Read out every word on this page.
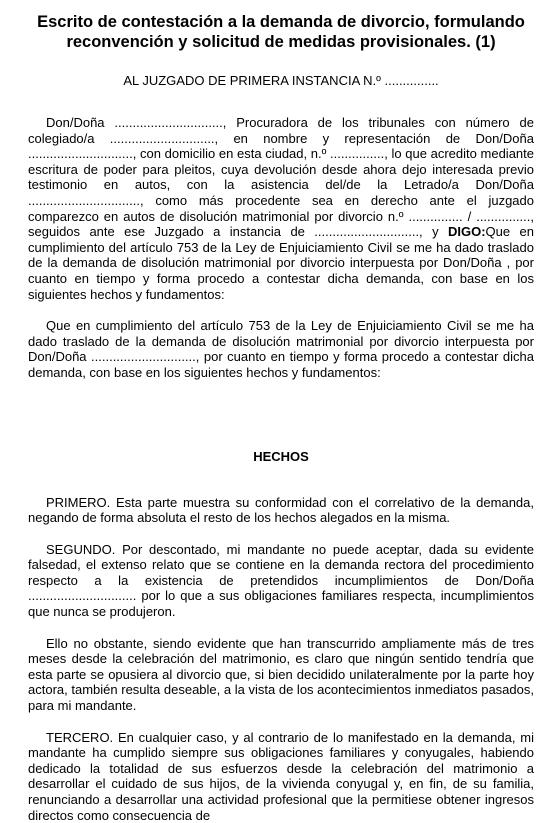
Escrito de contestación a la demanda de divorcio, formulando reconvención y solicitud de medidas provisionales. (1)

AL JUZGADO DE PRIMERA INSTANCIA N.º ...............

Don/Doña .............................., Procuradora de los tribunales con número de colegiado/a ............................., en nombre y representación de Don/Doña ............................., con domicilio en esta ciudad, n.º ..............., lo que acredito mediante escritura de poder para pleitos, cuya devolución desde ahora dejo interesada previo testimonio en autos, con la asistencia del/de la Letrado/a Don/Doña ..............................., como más procedente sea en derecho ante el juzgado comparezco en autos de disolución matrimonial por divorcio n.º ............... / ..............., seguidos ante ese Juzgado a instancia de ............................., y DIGO:Que en cumplimiento del artículo 753 de la Ley de Enjuiciamiento Civil se me ha dado traslado de la demanda de disolución matrimonial por divorcio interpuesta por Don/Doña , por cuanto en tiempo y forma procedo a contestar dicha demanda, con base en los siguientes hechos y fundamentos:

Que en cumplimiento del artículo 753 de la Ley de Enjuiciamiento Civil se me ha dado traslado de la demanda de disolución matrimonial por divorcio interpuesta por Don/Doña ............................., por cuanto en tiempo y forma procedo a contestar dicha demanda, con base en los siguientes hechos y fundamentos:

HECHOS

PRIMERO. Esta parte muestra su conformidad con el correlativo de la demanda, negando de forma absoluta el resto de los hechos alegados en la misma.

SEGUNDO. Por descontado, mi mandante no puede aceptar, dada su evidente falsedad, el extenso relato que se contiene en la demanda rectora del procedimiento respecto a la existencia de pretendidos incumplimientos de Don/Doña .............................. por lo que a sus obligaciones familiares respecta, incumplimientos que nunca se produjeron.

Ello no obstante, siendo evidente que han transcurrido ampliamente más de tres meses desde la celebración del matrimonio, es claro que ningún sentido tendría que esta parte se opusiera al divorcio que, si bien decidido unilateralmente por la parte hoy actora, también resulta deseable, a la vista de los acontecimientos inmediatos pasados, para mi mandante.

TERCERO. En cualquier caso, y al contrario de lo manifestado en la demanda, mi mandante ha cumplido siempre sus obligaciones familiares y conyugales, habiendo dedicado la totalidad de sus esfuerzos desde la celebración del matrimonio a desarrollar el cuidado de sus hijos, de la vivienda conyugal y, en fin, de su familia, renunciando a desarrollar una actividad profesional que la permitiese obtener ingresos directos como consecuencia de
